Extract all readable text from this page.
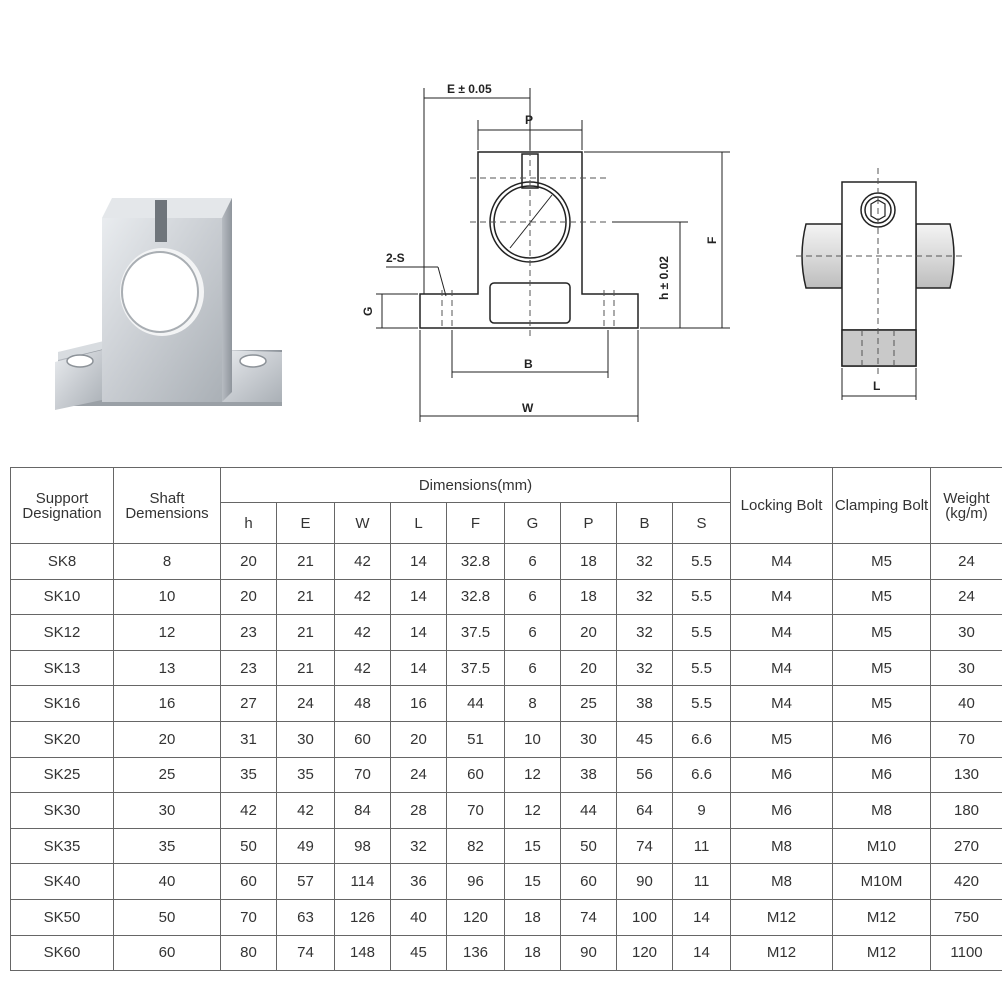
E ± 0.05
P
2-S
G
h ± 0.02
F
B
W
L
Support Designation	Shaft Demensions	Dimensions(mm)									Locking Bolt	Clamping Bolt	Weight (kg/m)
		h	E	W	L	F	G	P	B	S			
SK8	8	20	21	42	14	32.8	6	18	32	5.5	M4	M5	24
SK10	10	20	21	42	14	32.8	6	18	32	5.5	M4	M5	24
SK12	12	23	21	42	14	37.5	6	20	32	5.5	M4	M5	30
SK13	13	23	21	42	14	37.5	6	20	32	5.5	M4	M5	30
SK16	16	27	24	48	16	44	8	25	38	5.5	M4	M5	40
SK20	20	31	30	60	20	51	10	30	45	6.6	M5	M6	70
SK25	25	35	35	70	24	60	12	38	56	6.6	M6	M6	130
SK30	30	42	42	84	28	70	12	44	64	9	M6	M8	180
SK35	35	50	49	98	32	82	15	50	74	11	M8	M10	270
SK40	40	60	57	114	36	96	15	60	90	11	M8	M10M	420
SK50	50	70	63	126	40	120	18	74	100	14	M12	M12	750
SK60	60	80	74	148	45	136	18	90	120	14	M12	M12	1100
